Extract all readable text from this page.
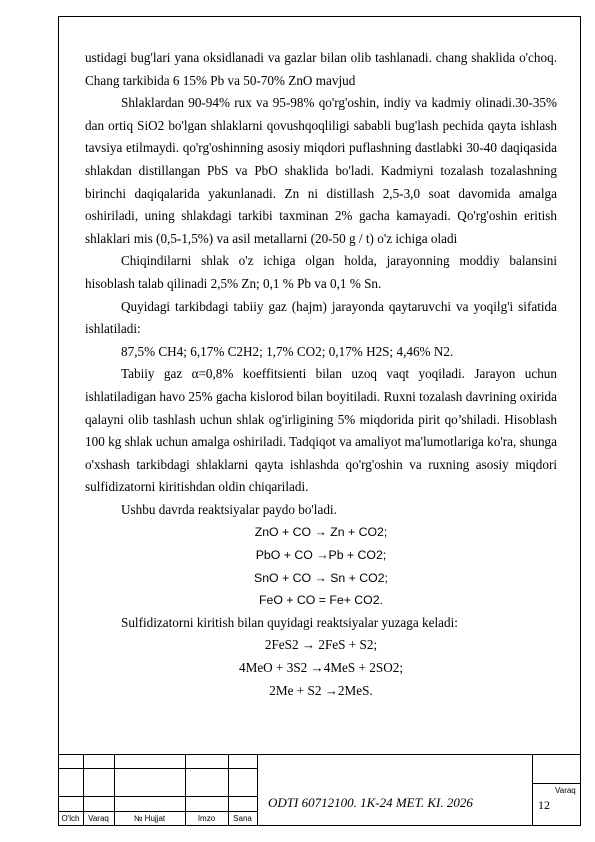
ustidagi bug'lari yana oksidlanadi va gazlar bilan olib tashlanadi. chang shaklida o'choq. Chang tarkibida 6 15% Pb va 50-70% ZnO mavjud

Shlaklardan 90-94% rux va 95-98% qo'rg'oshin, indiy va kadmiy olinadi.30-35% dan ortiq SiO2 bo'lgan shlaklarni qovushqoqliligi sababli bug'lash pechida qayta ishlash tavsiya etilmaydi. qo'rg'oshinning asosiy miqdori puflashning dastlabki 30-40 daqiqasida shlakdan distillangan PbS va PbO shaklida bo'ladi. Kadmiyni tozalash tozalashning birinchi daqiqalarida yakunlanadi. Zn ni distillash 2,5-3,0 soat davomida amalga oshiriladi, uning shlakdagi tarkibi taxminan 2% gacha kamayadi. Qo'rg'oshin eritish shlaklari mis (0,5-1,5%) va asil metallarni (20-50 g / t) o'z ichiga oladi

Chiqindilarni shlak o'z ichiga olgan holda, jarayonning moddiy balansini hisoblash talab qilinadi 2,5% Zn; 0,1 % Pb va 0,1 % Sn.

Quyidagi tarkibdagi tabiiy gaz (hajm) jarayonda qaytaruvchi va yoqilg'i sifatida ishlatiladi:

87,5% CH4; 6,17% C2H2; 1,7% CO2; 0,17% H2S; 4,46% N2.

Tabiiy gaz α=0,8% koeffitsienti bilan uzoq vaqt yoqiladi. Jarayon uchun ishlatiladigan havo 25% gacha kislorod bilan boyitiladi. Ruxni tozalash davrining oxirida qalayni olib tashlash uchun shlak og'irligining 5% miqdorida pirit qo’shiladi. Hisoblash 100 kg shlak uchun amalga oshiriladi. Tadqiqot va amaliyot ma'lumotlariga ko'ra, shunga o'xshash tarkibdagi shlaklarni qayta ishlashda qo'rg'oshin va ruxning asosiy miqdori sulfidizatorni kiritishdan oldin chiqariladi.

Ushbu davrda reaktsiyalar paydo bo'ladi.

ZnO + CO → Zn + CO2;

PbO + CO →Pb + CO2;

SnO + CO → Sn + CO2;

FeO + CO = Fe+ CO2.

Sulfidizatorni kiritish bilan quyidagi reaktsiyalar yuzaga keladi:

2FeS2 → 2FeS + S2;

4MeO + 3S2 →4MeS + 2SO2;

2Me + S2 →2MeS.

O'lch	Varaq	№ Hujjat	Imzo	Sana
ODTI 60712100. 1K-24 MET. KI. 2026
Varaq
12
